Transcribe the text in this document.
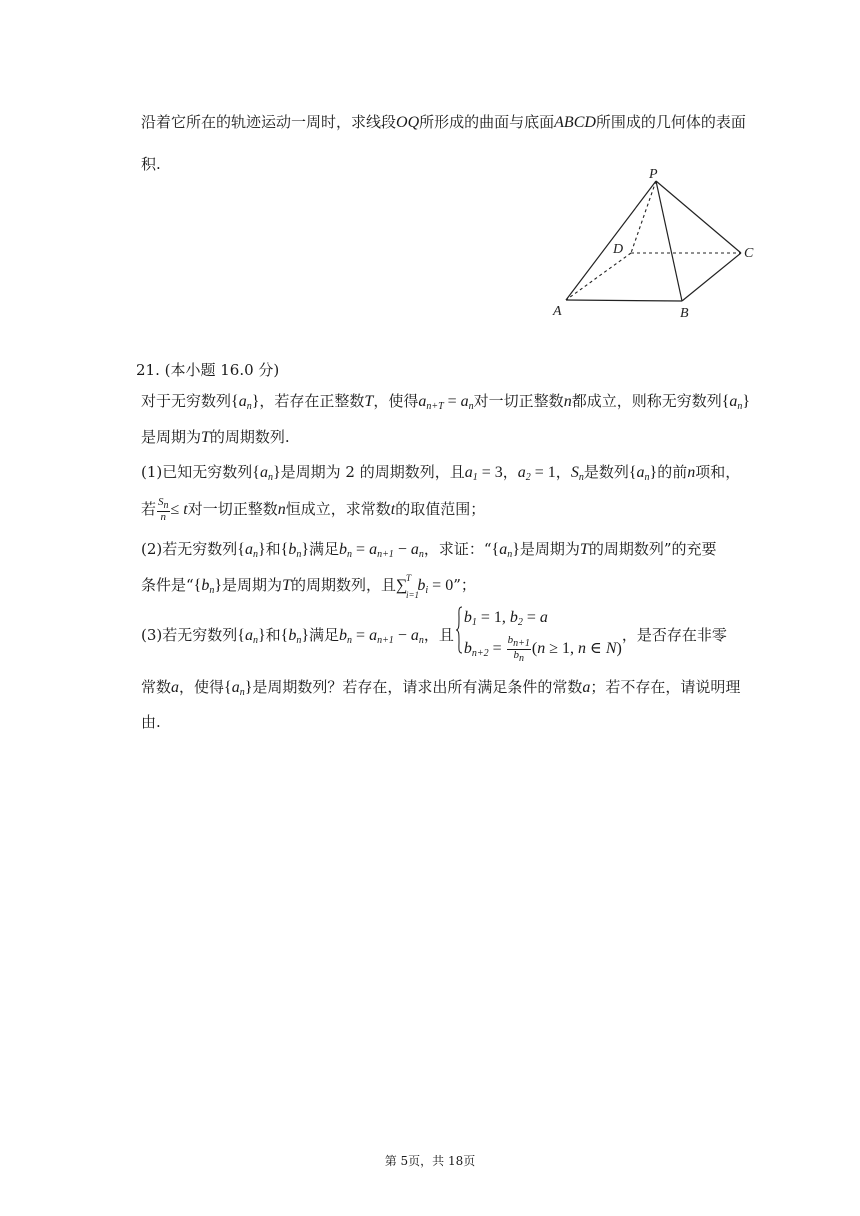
沿着它所在的轨迹运动一周时，求线段OQ所形成的曲面与底面ABCD所围成的几何体的表面
积.
P
D	C
A	B
21. (本小题 16.0 分)
对于无穷数列$\{a_n\}$，若存在正整数T，使得$a_{n+T} = a_n$对一切正整数n都成立，则称无穷数列$\{a_n\}$
是周期为T的周期数列.
(1)已知无穷数列$\{a_n\}$是周期为 2 的周期数列，且$a_1 = 3$，$a_2 = 1$，$S_n$是数列$\{a_n\}$的前n项和，
若 $\frac{S_n}{n} \le t$对一切正整数n恒成立，求常数t的取值范围；
(2)若无穷数列$\{a_n\}$和$\{b_n\}$满足$b_n = a_{n+1} - a_n$，求证：“$\{a_n\}$是周期为T的周期数列”的充要
条件是“$\{b_n\}$是周期为T的周期数列，且∑
T
i=1
$b_i = 0$”；
(3)若无穷数列$\{a_n\}$和$\{b_n\}$满足$b_n = a_{n+1} - a_n$，且
$b_1 = 1$, $b_2 = a$
$b_{n+2} = \frac{b_{n+1}}{b_n} (n \ge 1$, n ∈ N)
，是否存在非零
常数a，使得$\{a_n\}$是周期数列？若存在，请求出所有满足条件的常数a；若不存在，请说明理
由.
第 5页，共 18页
